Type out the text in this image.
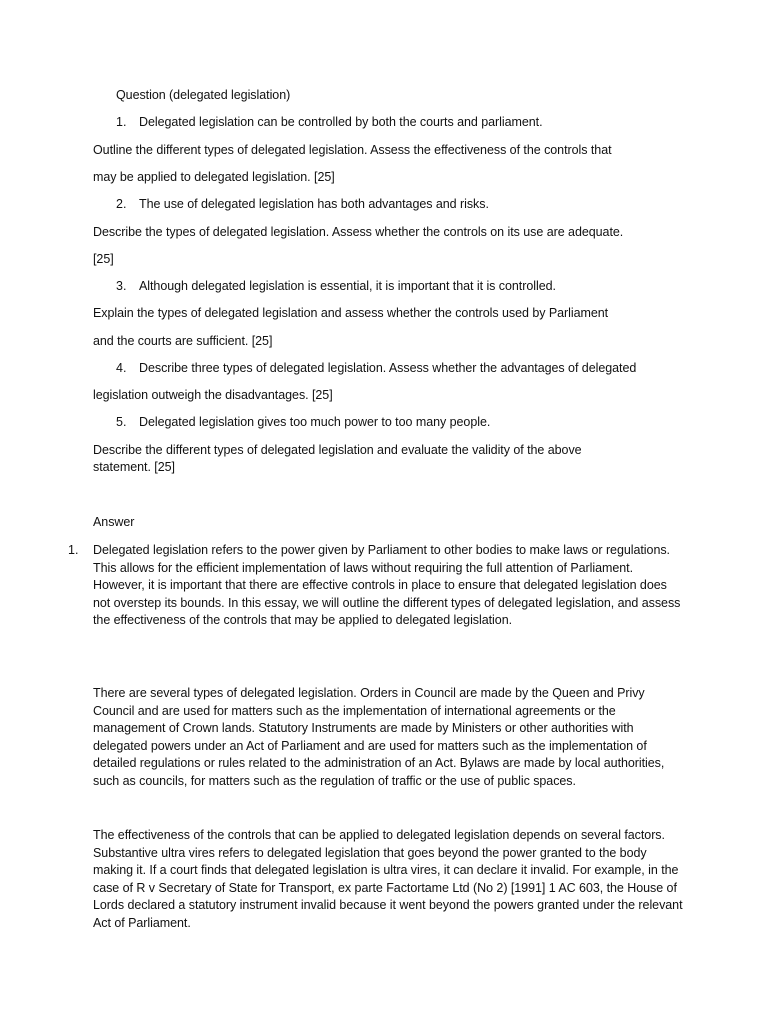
Question (delegated legislation)
1. Delegated legislation can be controlled by both the courts and parliament.
Outline the different types of delegated legislation. Assess the effectiveness of the controls that
may be applied to delegated legislation. [25]
2. The use of delegated legislation has both advantages and risks.
Describe the types of delegated legislation. Assess whether the controls on its use are adequate.
[25]
3. Although delegated legislation is essential, it is important that it is controlled.
Explain the types of delegated legislation and assess whether the controls used by Parliament
and the courts are sufficient. [25]
4. Describe three types of delegated legislation. Assess whether the advantages of delegated
legislation outweigh the disadvantages. [25]
5. Delegated legislation gives too much power to too many people.
Describe the different types of delegated legislation and evaluate the validity of the above
statement. [25]
Answer
1. Delegated legislation refers to the power given by Parliament to other bodies to make laws or regulations. This allows for the efficient implementation of laws without requiring the full attention of Parliament. However, it is important that there are effective controls in place to ensure that delegated legislation does not overstep its bounds. In this essay, we will outline the different types of delegated legislation, and assess the effectiveness of the controls that may be applied to delegated legislation.
There are several types of delegated legislation. Orders in Council are made by the Queen and Privy Council and are used for matters such as the implementation of international agreements or the management of Crown lands. Statutory Instruments are made by Ministers or other authorities with delegated powers under an Act of Parliament and are used for matters such as the implementation of detailed regulations or rules related to the administration of an Act. Bylaws are made by local authorities, such as councils, for matters such as the regulation of traffic or the use of public spaces.
The effectiveness of the controls that can be applied to delegated legislation depends on several factors. Substantive ultra vires refers to delegated legislation that goes beyond the power granted to the body making it. If a court finds that delegated legislation is ultra vires, it can declare it invalid. For example, in the case of R v Secretary of State for Transport, ex parte Factortame Ltd (No 2) [1991] 1 AC 603, the House of Lords declared a statutory instrument invalid because it went beyond the powers granted under the relevant Act of Parliament.
